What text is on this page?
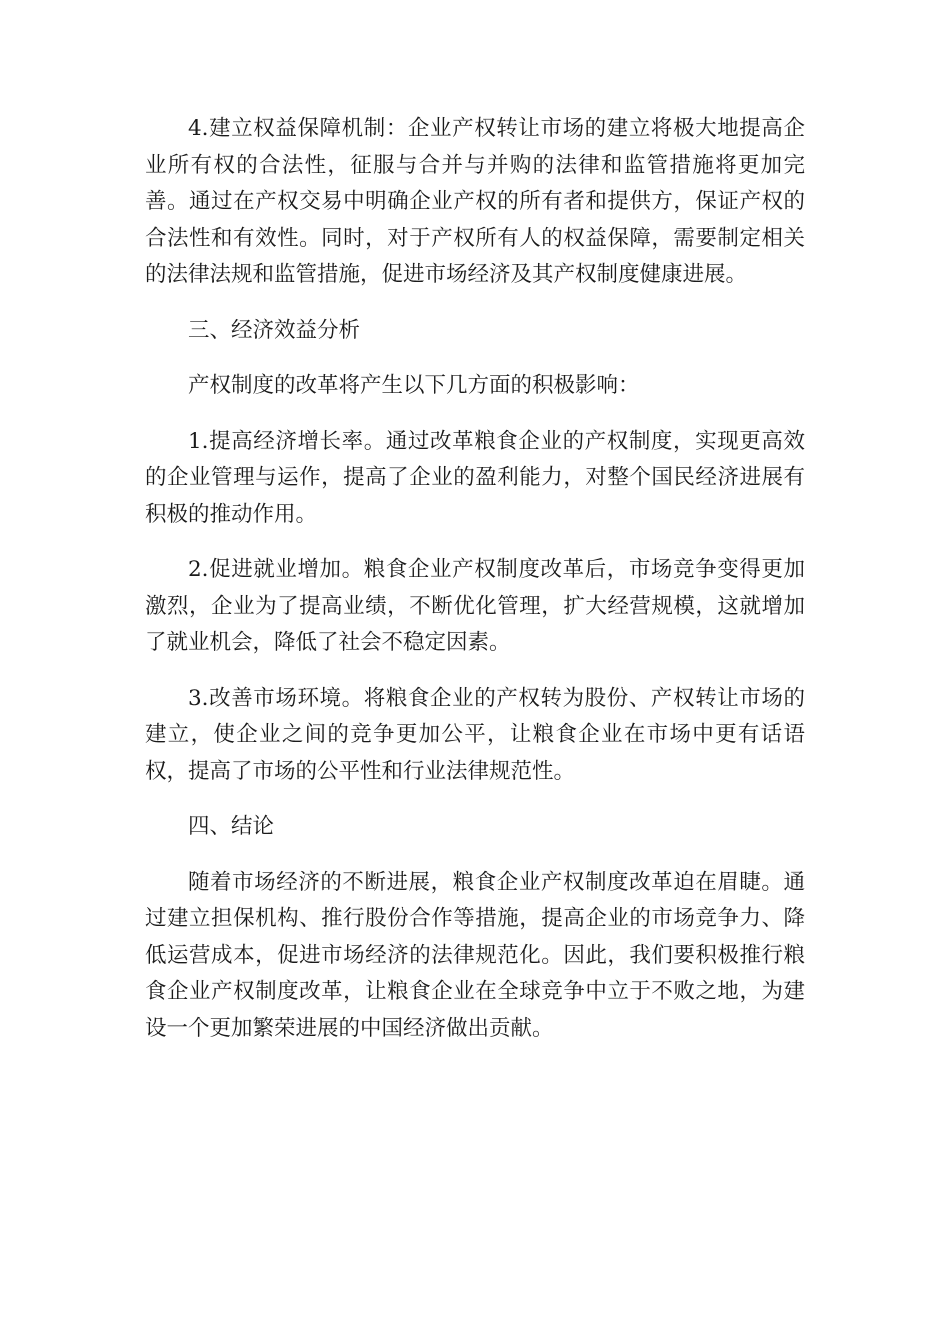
4.建立权益保障机制：企业产权转让市场的建立将极大地提高企业所有权的合法性，征服与合并与并购的法律和监管措施将更加完善。通过在产权交易中明确企业产权的所有者和提供方，保证产权的合法性和有效性。同时，对于产权所有人的权益保障，需要制定相关的法律法规和监管措施，促进市场经济及其产权制度健康进展。

三、经济效益分析

产权制度的改革将产生以下几方面的积极影响：

1.提高经济增长率。通过改革粮食企业的产权制度，实现更高效的企业管理与运作，提高了企业的盈利能力，对整个国民经济进展有积极的推动作用。

2.促进就业增加。粮食企业产权制度改革后，市场竞争变得更加激烈，企业为了提高业绩，不断优化管理，扩大经营规模，这就增加了就业机会，降低了社会不稳定因素。

3.改善市场环境。将粮食企业的产权转为股份、产权转让市场的建立，使企业之间的竞争更加公平，让粮食企业在市场中更有话语权，提高了市场的公平性和行业法律规范性。

四、结论

随着市场经济的不断进展，粮食企业产权制度改革迫在眉睫。通过建立担保机构、推行股份合作等措施，提高企业的市场竞争力、降低运营成本，促进市场经济的法律规范化。因此，我们要积极推行粮食企业产权制度改革，让粮食企业在全球竞争中立于不败之地，为建设一个更加繁荣进展的中国经济做出贡献。
